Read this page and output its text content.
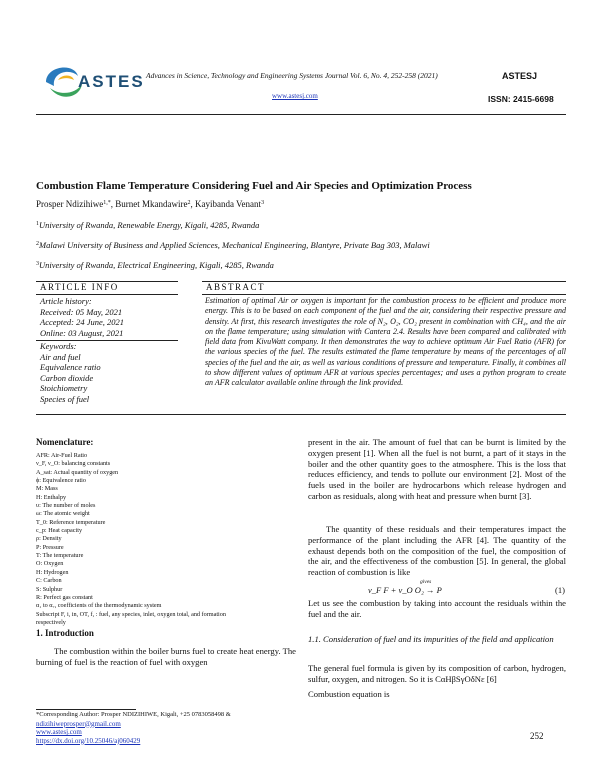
ASTES Advances in Science, Technology and Engineering Systems Journal Vol. 6, No. 4, 252-258 (2021)
www.astesj.com
ASTESJ
ISSN: 2415-6698
Combustion Flame Temperature Considering Fuel and Air Species and Optimization Process
Prosper Ndizihiwe$^{1,*}$, Burnet Mkandawire$^2$, Kayibanda Venant$^3$
$^1$University of Rwanda, Renewable Energy, Kigali, 4285, Rwanda
$^2$Malawi University of Business and Applied Sciences, Mechanical Engineering, Blantyre, Private Bag 303, Malawi
$^3$University of Rwanda, Electrical Engineering, Kigali, 4285, Rwanda
ARTICLE INFO	ABSTRACT
Article history:
Received: 05 May, 2021
Accepted: 24 June, 2021
Online: 03 August, 2021
Keywords:
Air and fuel
Equivalence ratio
Carbon dioxide
Stoichiometry
Species of fuel
Estimation of optimal Air or oxygen is important for the combustion process to be efficient and produce more energy. This is to be based on each component of the fuel and the air, considering their respective pressure and density. At first, this research investigates the role of N₂, O₂, CO₂ present in combination with CH₄, and the air on the flame temperature; using simulation with Cantera 2.4. Results have been compared and calibrated with field data from KivuWatt company. It then demonstrates the way to achieve optimum Air Fuel Ratio (AFR) for the various species of the fuel. The results estimated the flame temperature by means of the percentages of all species of the fuel and the air, as well as various conditions of pressure and temperature. Finally, it combines all to show different values of optimum AFR at various species percentages; and uses a python program to create an AFR calculator available online through the link provided.
Nomenclature:
AFR: Air-Fuel Ratio
ν_F, ν_O: balancing constants
A_sat: Actual quantity of oxygen
ϕ: Equivalence ratio
M: Mass
H: Enthalpy
υ: The number of moles
ω: The atomic weight
T_0: Reference temperature
c_p: Heat capacity
ρ: Density
P: Pressure
T: The temperature
O: Oxygen
H: Hydrogen
C: Carbon
S: Sulphur
R: Perfect gas constant
α₁ to α₇, coefficients of the thermodynamic system
Subscript F, i, in, OT, f, : fuel, any species, inlet, oxygen total, and formation
respectively
1. Introduction
The combustion within the boiler burns fuel to create heat energy. The burning of fuel is the reaction of fuel with oxygen
*Corresponding Author: Prosper NDIZIHIWE, Kigali, +25 0783058498 &
ndizihiweprosper@gmail.com
www.astesj.com
https://dx.doi.org/10.25046/aj060429	252
present in the air. The amount of fuel that can be burnt is limited by the oxygen present [1]. When all the fuel is not burnt, a part of it stays in the boiler and the other quantity goes to the atmosphere. This is the loss that reduces efficiency, and tends to pollute our environment [2]. Most of the fuels used in the boiler are hydrocarbons which release hydrogen and carbon as residuals, along with heat and pressure when burnt [3].
The quantity of these residuals and their temperatures impact the performance of the plant including the AFR [4]. The quantity of the exhaust depends both on the composition of the fuel, the composition of the air, and the effectiveness of the combustion [5]. In general, the global reaction of combustion is like
ν_F F + ν_O O₂ → P
gives
(1)
Let us see the combustion by taking into account the residuals within the fuel and the air.
1.1. Consideration of fuel and its impurities of the field and application
The general fuel formula is given by its composition of carbon, hydrogen, sulfur, oxygen, and nitrogen. So it is CαHβSγOδNε [6]
Combustion equation is
